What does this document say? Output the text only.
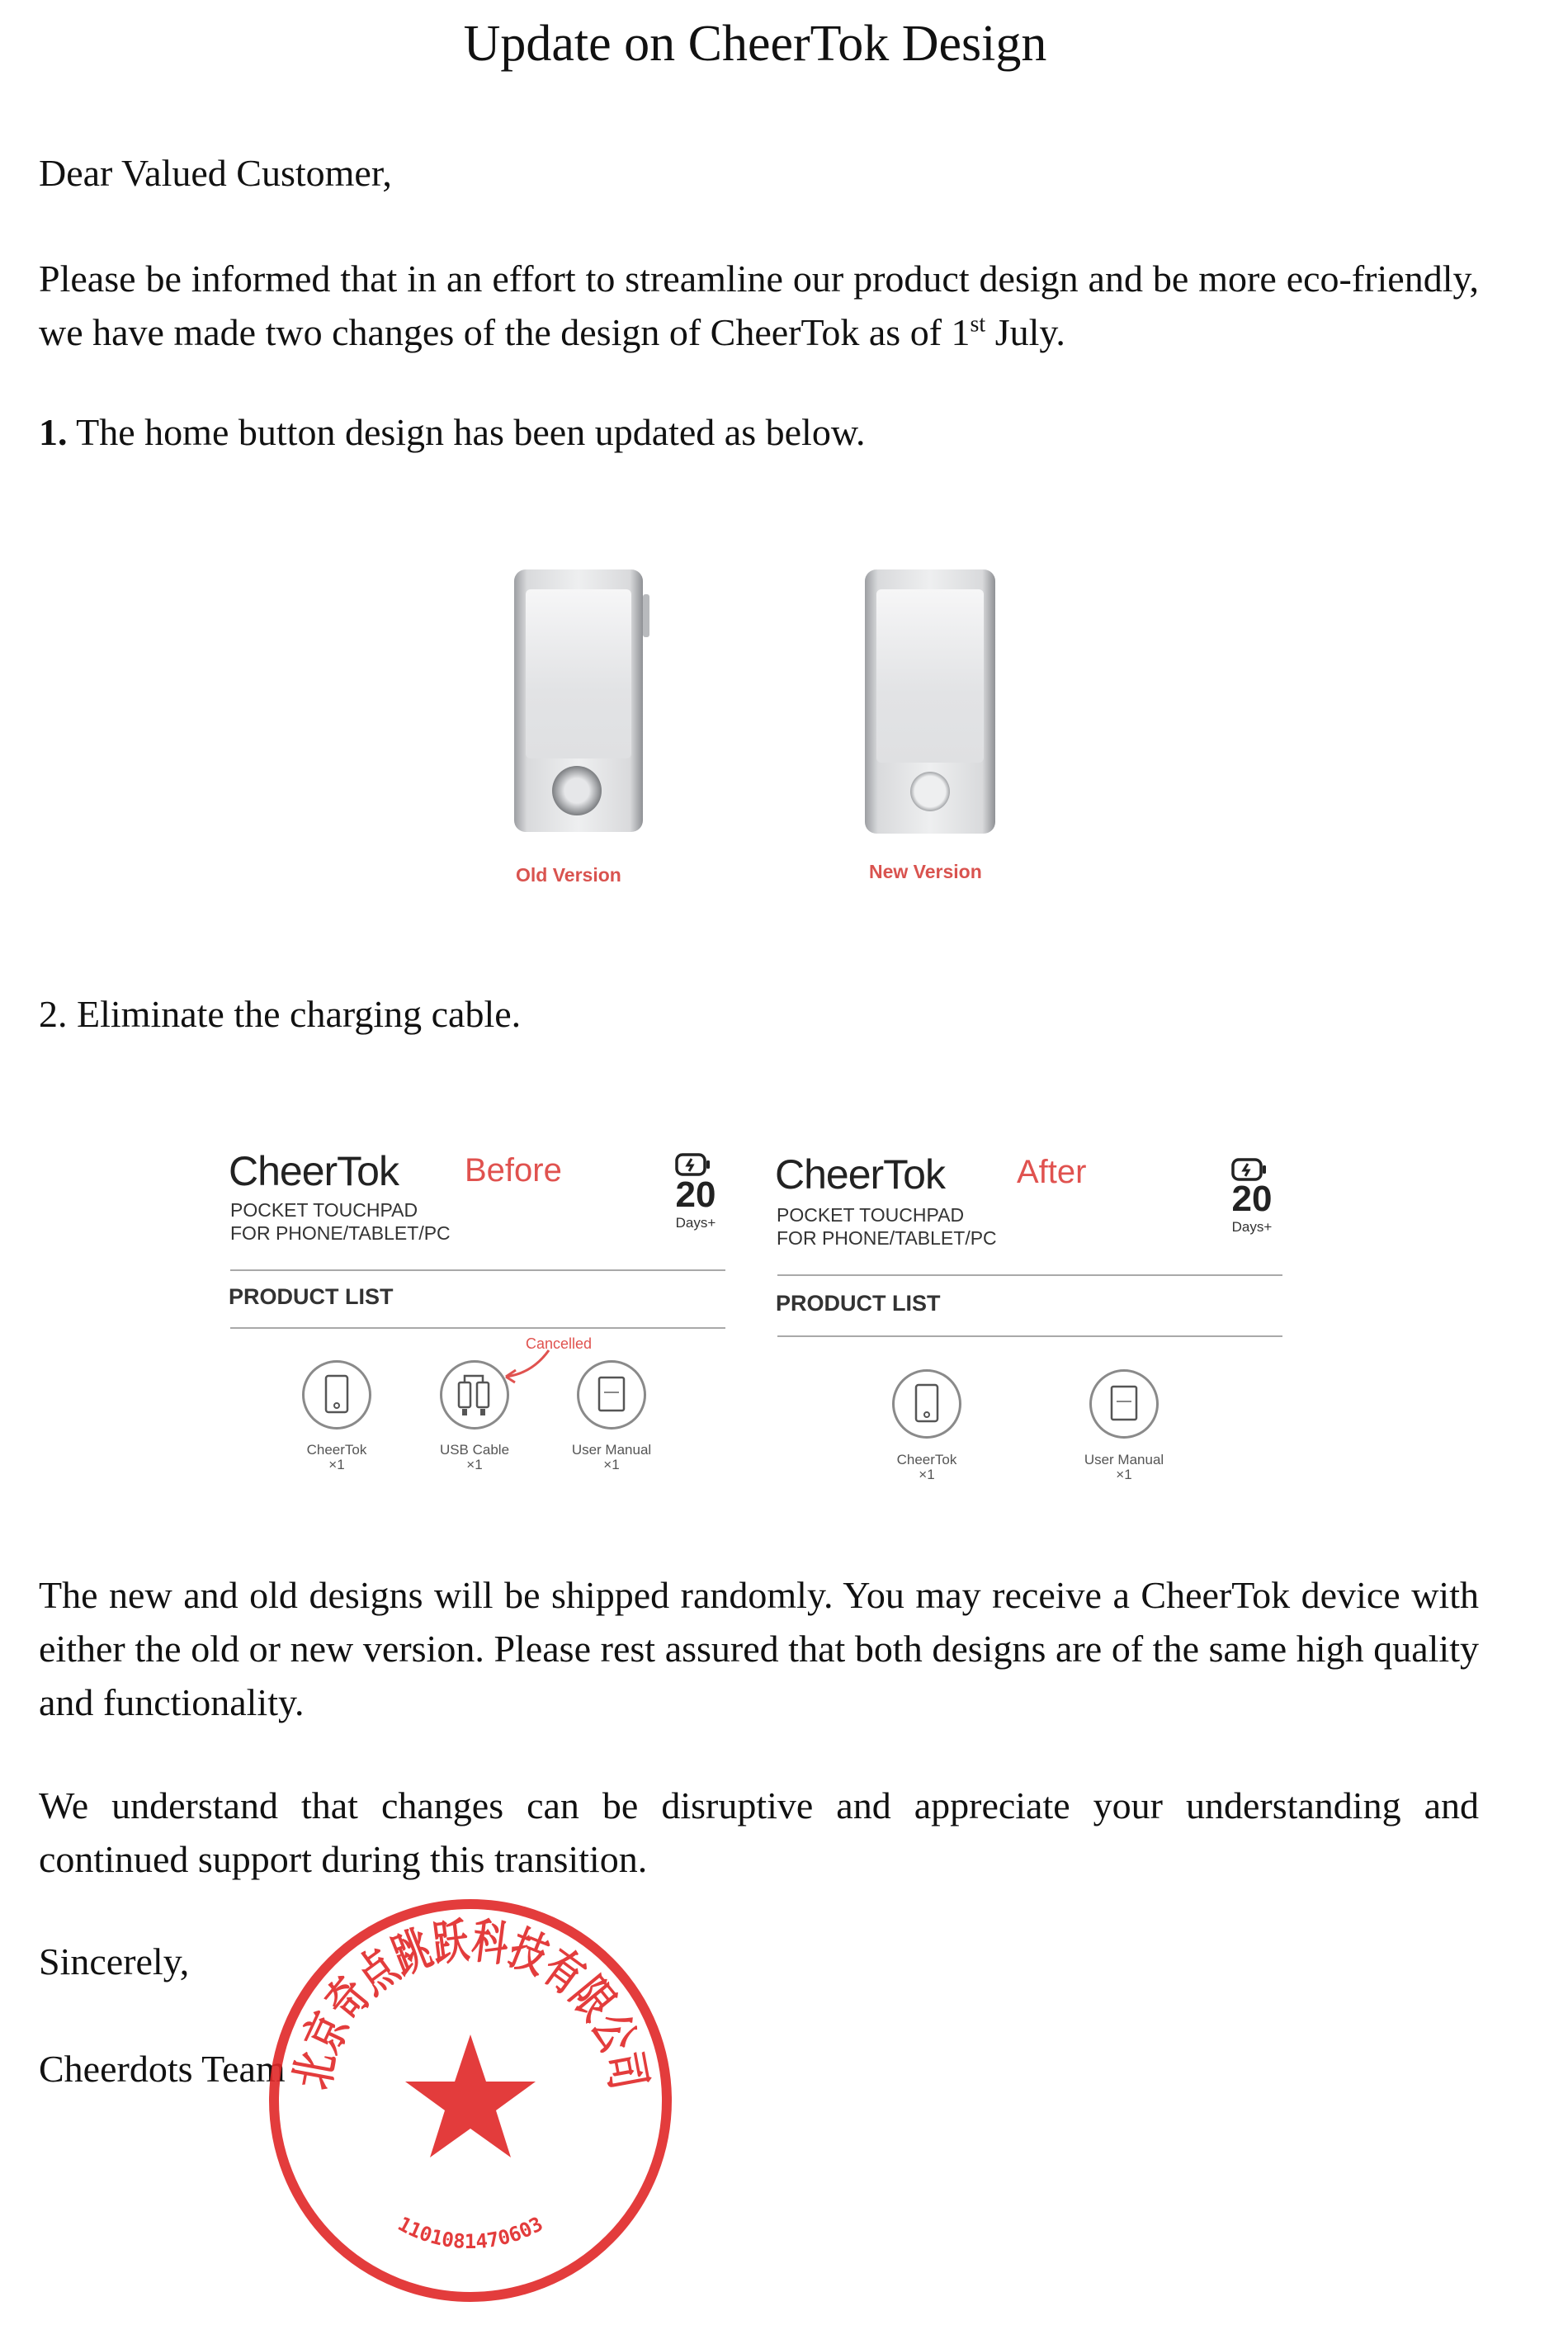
Update on CheerTok Design
Dear Valued Customer,
Please be informed that in an effort to streamline our product design and be more eco-friendly, we have made two changes of the design of CheerTok as of 1st July.
1. The home button design has been updated as below.
Old Version	New Version
2. Eliminate the charging cable.
CheerTok Before
POCKET TOUCHPAD
FOR PHONE/TABLET/PC
20
Days+
PRODUCT LIST
CheerTok
×1
USB Cable
×1
Cancelled
User Manual
×1
CheerTok After
POCKET TOUCHPAD
FOR PHONE/TABLET/PC
20
Days+
PRODUCT LIST
CheerTok
×1
User Manual
×1
The new and old designs will be shipped randomly. You may receive a CheerTok device with either the old or new version. Please rest assured that both designs are of the same high quality and functionality.
We understand that changes can be disruptive and appreciate your understanding and continued support during this transition.
Sincerely,
Cheerdots Team
北京奇点跳跃科技有限公司
1101081470603
